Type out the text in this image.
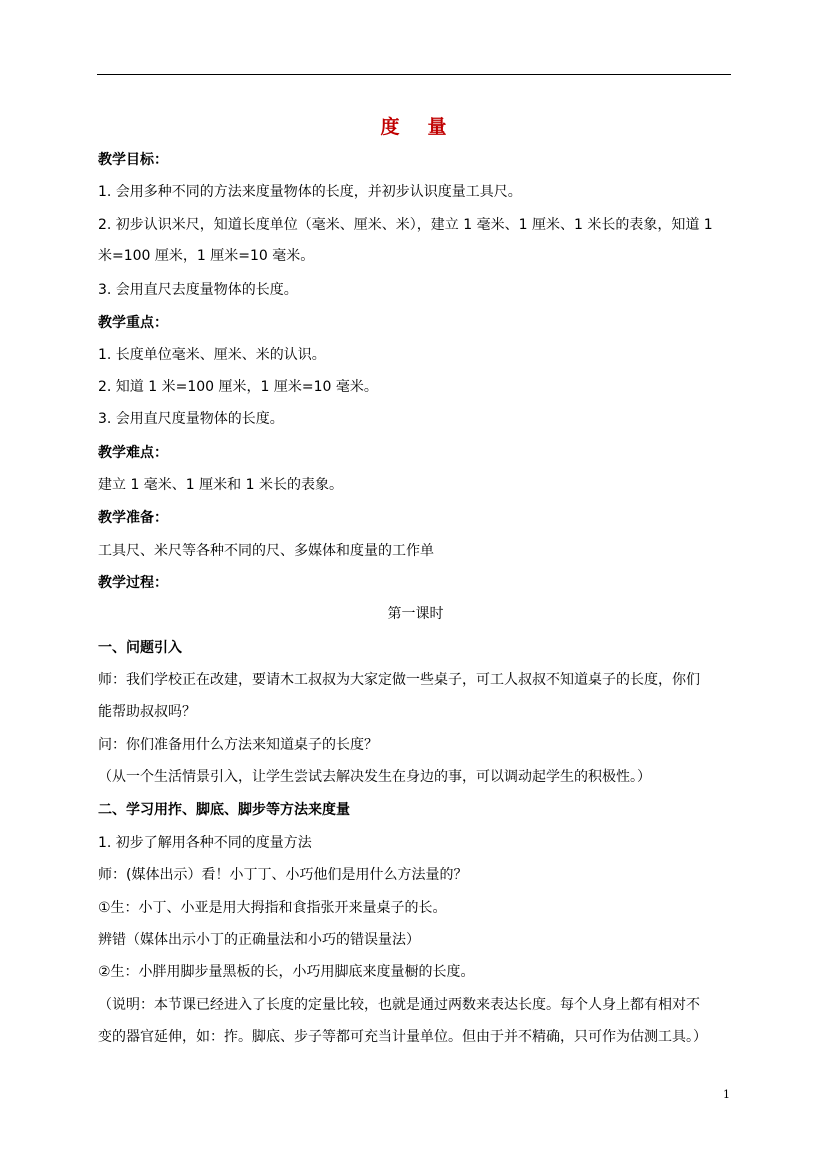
度量
教学目标：
1. 会用多种不同的方法来度量物体的长度，并初步认识度量工具尺。
2. 初步认识米尺，知道长度单位（毫米、厘米、米），建立 1 毫米、1 厘米、1 米长的表象，知道 1
米=100 厘米，1 厘米=10 毫米。
3. 会用直尺去度量物体的长度。
教学重点：
1. 长度单位毫米、厘米、米的认识。
2. 知道 1 米=100 厘米，1 厘米=10 毫米。
3. 会用直尺度量物体的长度。
教学难点：
建立 1 毫米、1 厘米和 1 米长的表象。
教学准备：
工具尺、米尺等各种不同的尺、多媒体和度量的工作单
教学过程：
第一课时
一、问题引入
师：我们学校正在改建，要请木工叔叔为大家定做一些桌子，可工人叔叔不知道桌子的长度，你们
能帮助叔叔吗？
问：你们准备用什么方法来知道桌子的长度？
（从一个生活情景引入，让学生尝试去解决发生在身边的事，可以调动起学生的积极性。）
二、学习用拃、脚底、脚步等方法来度量
1. 初步了解用各种不同的度量方法
师：(媒体出示）看！小丁丁、小巧他们是用什么方法量的？
①生：小丁、小亚是用大拇指和食指张开来量桌子的长。
辨错（媒体出示小丁的正确量法和小巧的错误量法）
②生：小胖用脚步量黑板的长，小巧用脚底来度量橱的长度。
（说明：本节课已经进入了长度的定量比较，也就是通过两数来表达长度。每个人身上都有相对不
变的器官延伸，如：拃。脚底、步子等都可充当计量单位。但由于并不精确，只可作为估测工具。）
1
